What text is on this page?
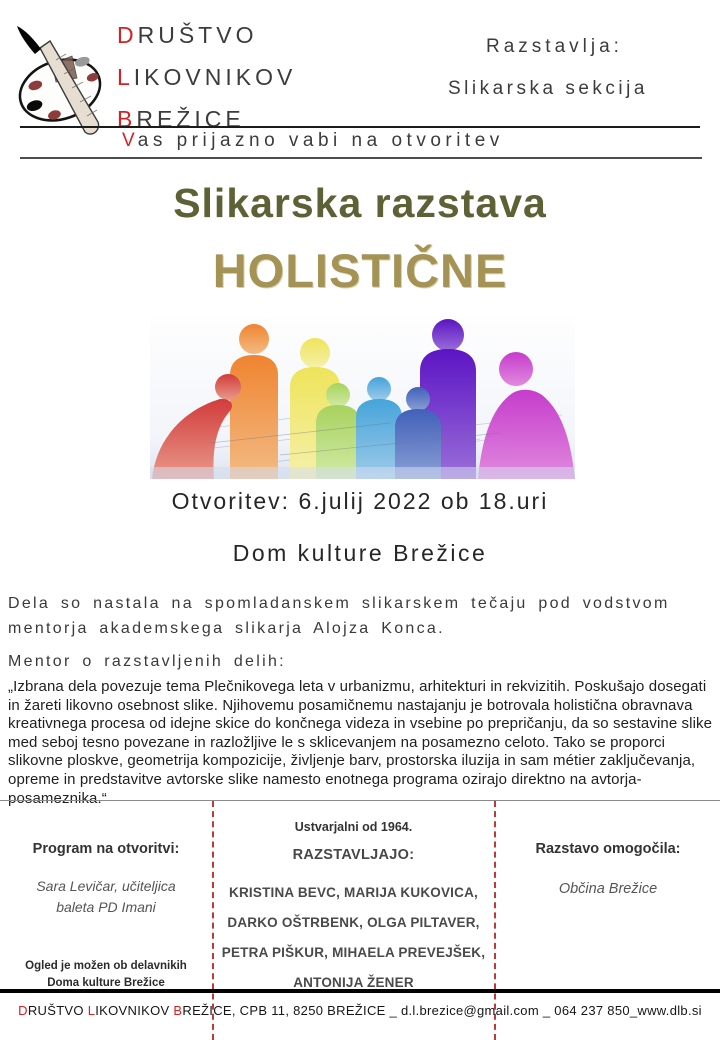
DRUŠTVO
LIKOVNIKOV
BREŽICE
Razstavlja:
Slikarska sekcija
Vas prijazno vabi na otvoritev
Slikarska razstava
HOLISTIČNE
Otvoritev: 6.julij 2022 ob 18.uri
Dom kulture Brežice

Dela so nastala na spomladanskem slikarskem tečaju pod vodstvom mentorja akademskega slikarja Alojza Konca.

Mentor o razstavljenih delih:

„Izbrana dela povezuje tema Plečnikovega leta v urbanizmu, arhitekturi in rekvizitih. Poskušajo dosegati in žareti likovno osebnost slike. Njihovemu posamičnemu nastajanju je botrovala holistična obravnava kreativnega procesa od idejne skice do končnega videza in vsebine po prepričanju, da so sestavine slike med seboj tesno povezane in razložljive le s sklicevanjem na posamezno celoto. Tako se proporci slikovne ploskve, geometrija kompozicije, življenje barv, prostorska iluzija in sam métier zaključevanja, opreme in predstavitve avtorske slike namesto enotnega programa ozirajo direktno na avtorja-posameznika.“

Program na otvoritvi:
Sara Levičar, učiteljica
baleta PD Imani
Ogled je možen ob delavnikih
Doma kulture Brežice
Ustvarjalni od 1964.
RAZSTAVLJAJO:
KRISTINA BEVC, MARIJA KUKOVICA,
DARKO OŠTRBENK, OLGA PILTAVER,
PETRA PIŠKUR, MIHAELA PREVEJŠEK,
ANTONIJA ŽENER
Razstavo omogočila:
Občina Brežice
DRUŠTVO LIKOVNIKOV BREŽICE, CPB 11, 8250 BREŽICE _ d.l.brezice@gmail.com _ 064 237 850_www.dlb.si
